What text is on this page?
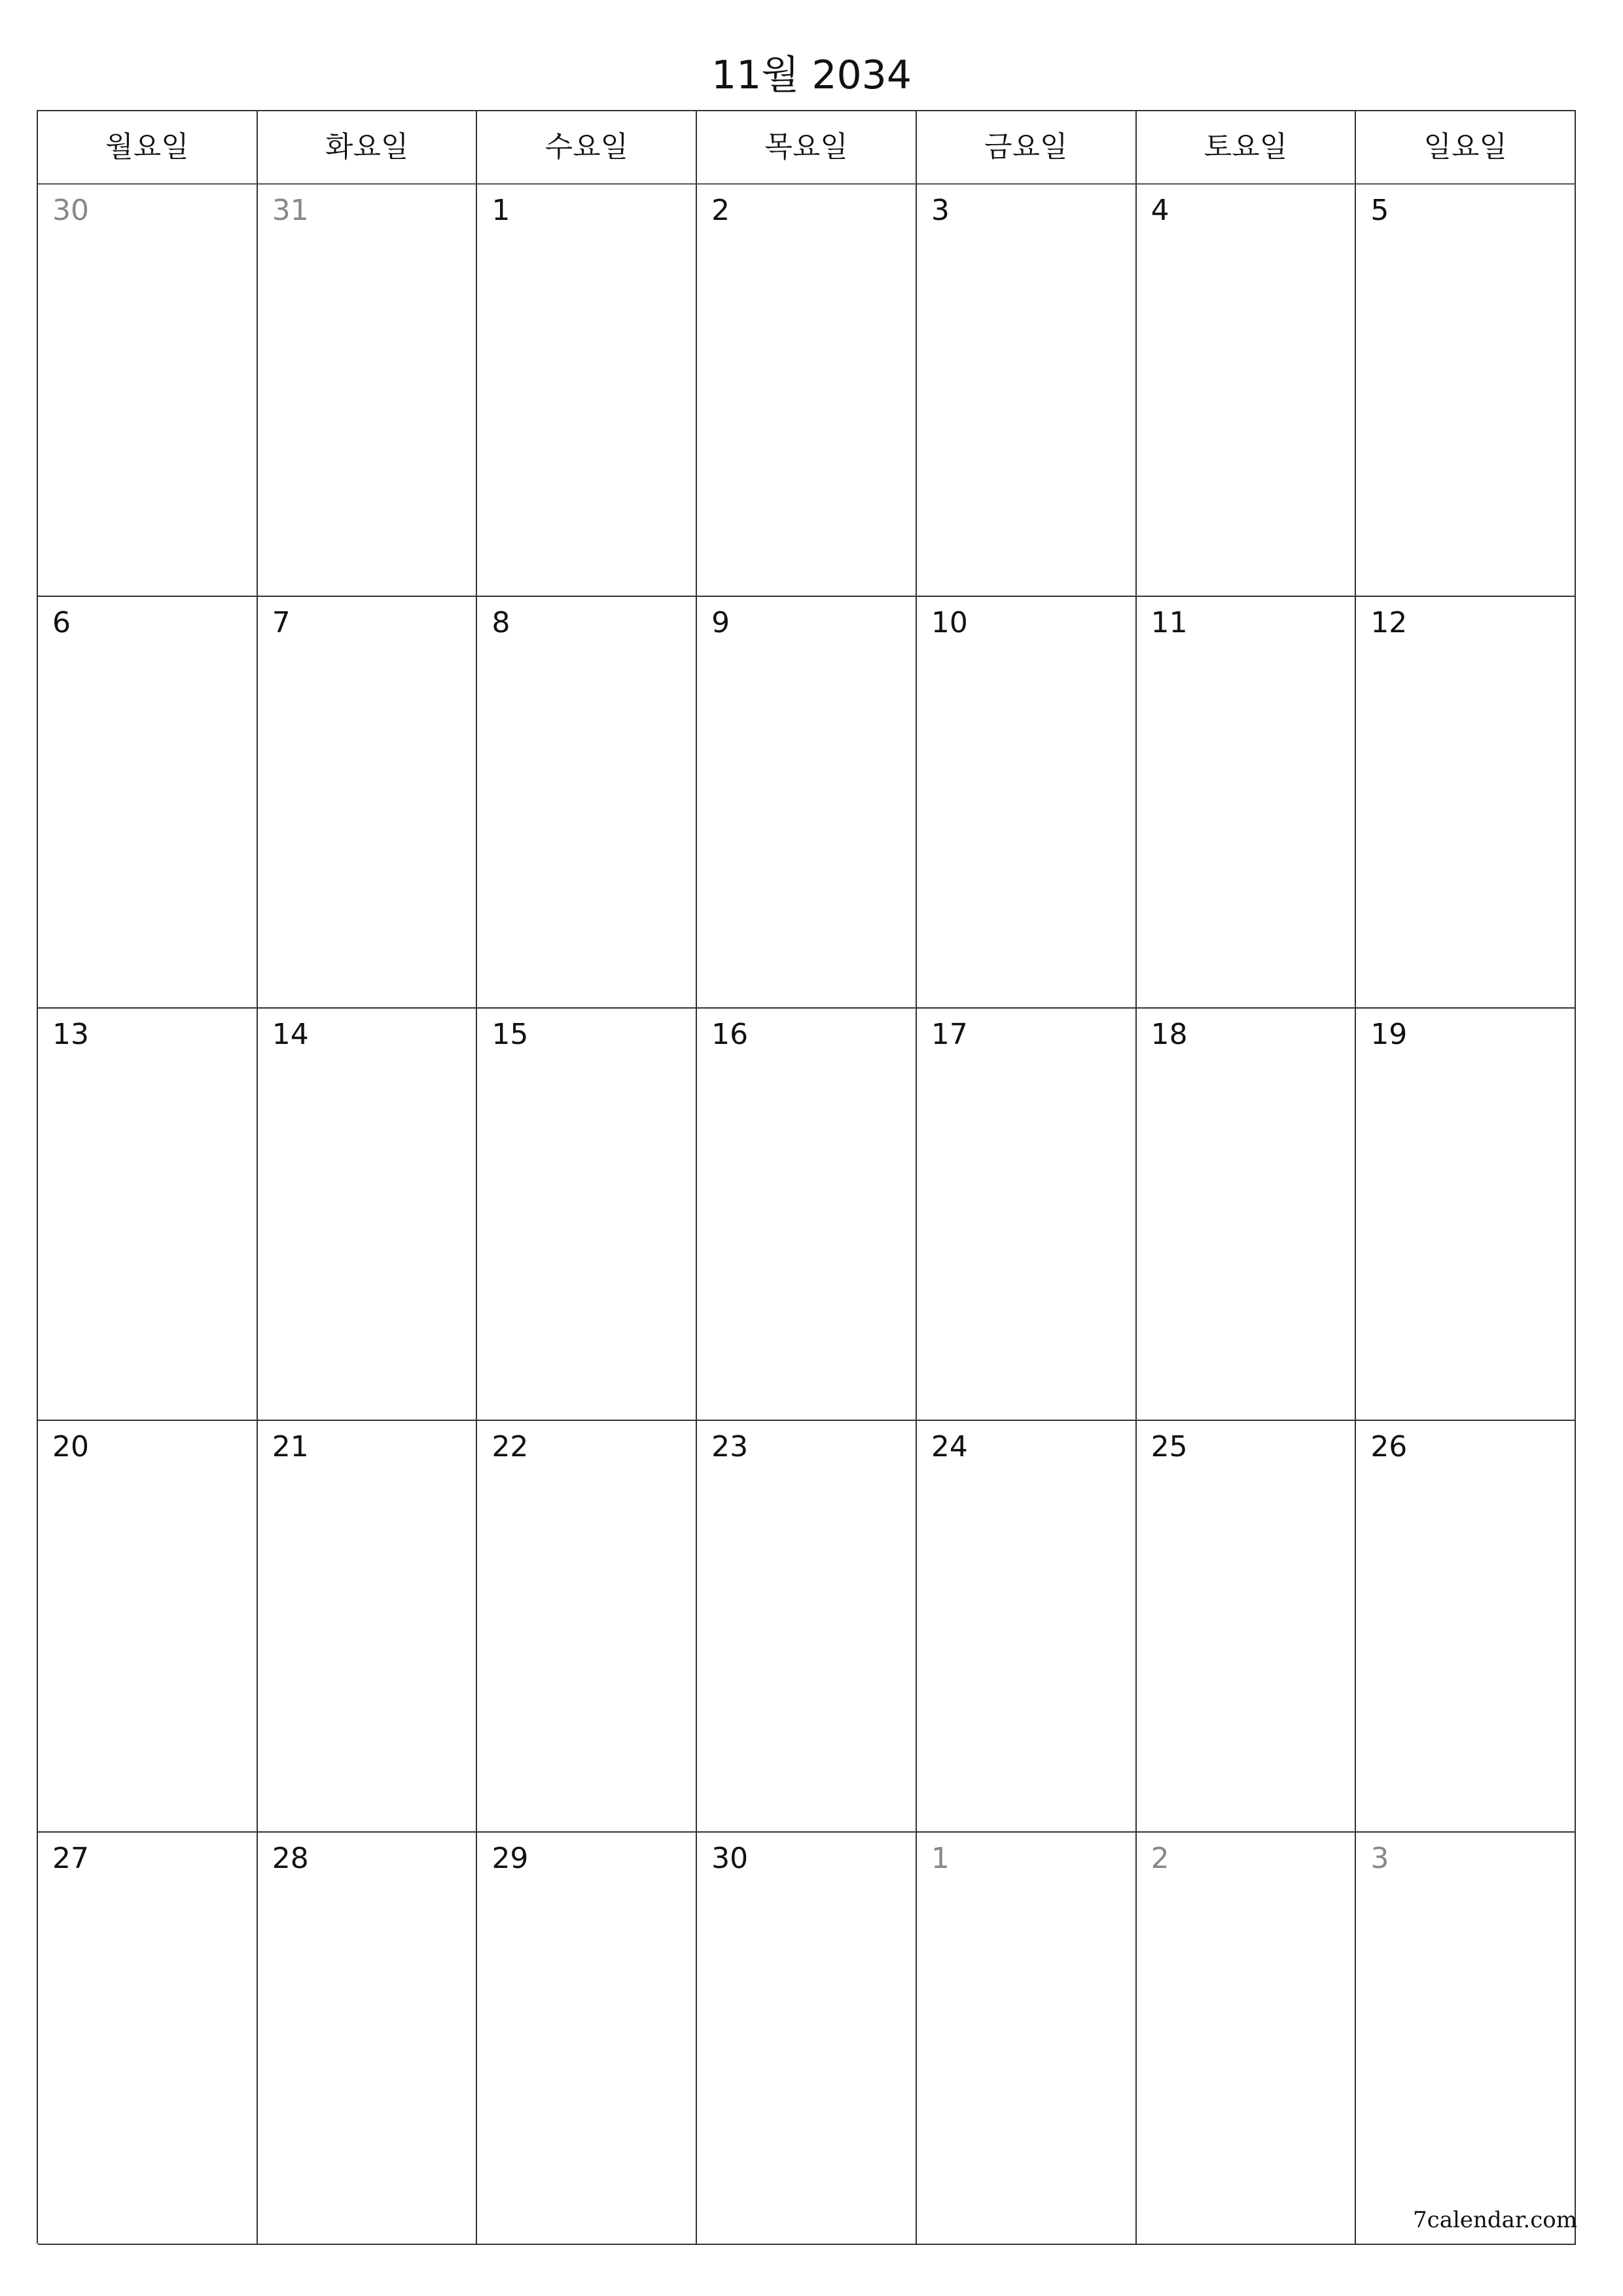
11월 2034
월요일	화요일	수요일	목요일	금요일	토요일	일요일
30	31	1	2	3	4	5
6	7	8	9	10	11	12
13	14	15	16	17	18	19
20	21	22	23	24	25	26
27	28	29	30	1	2	3
7calendar.com
